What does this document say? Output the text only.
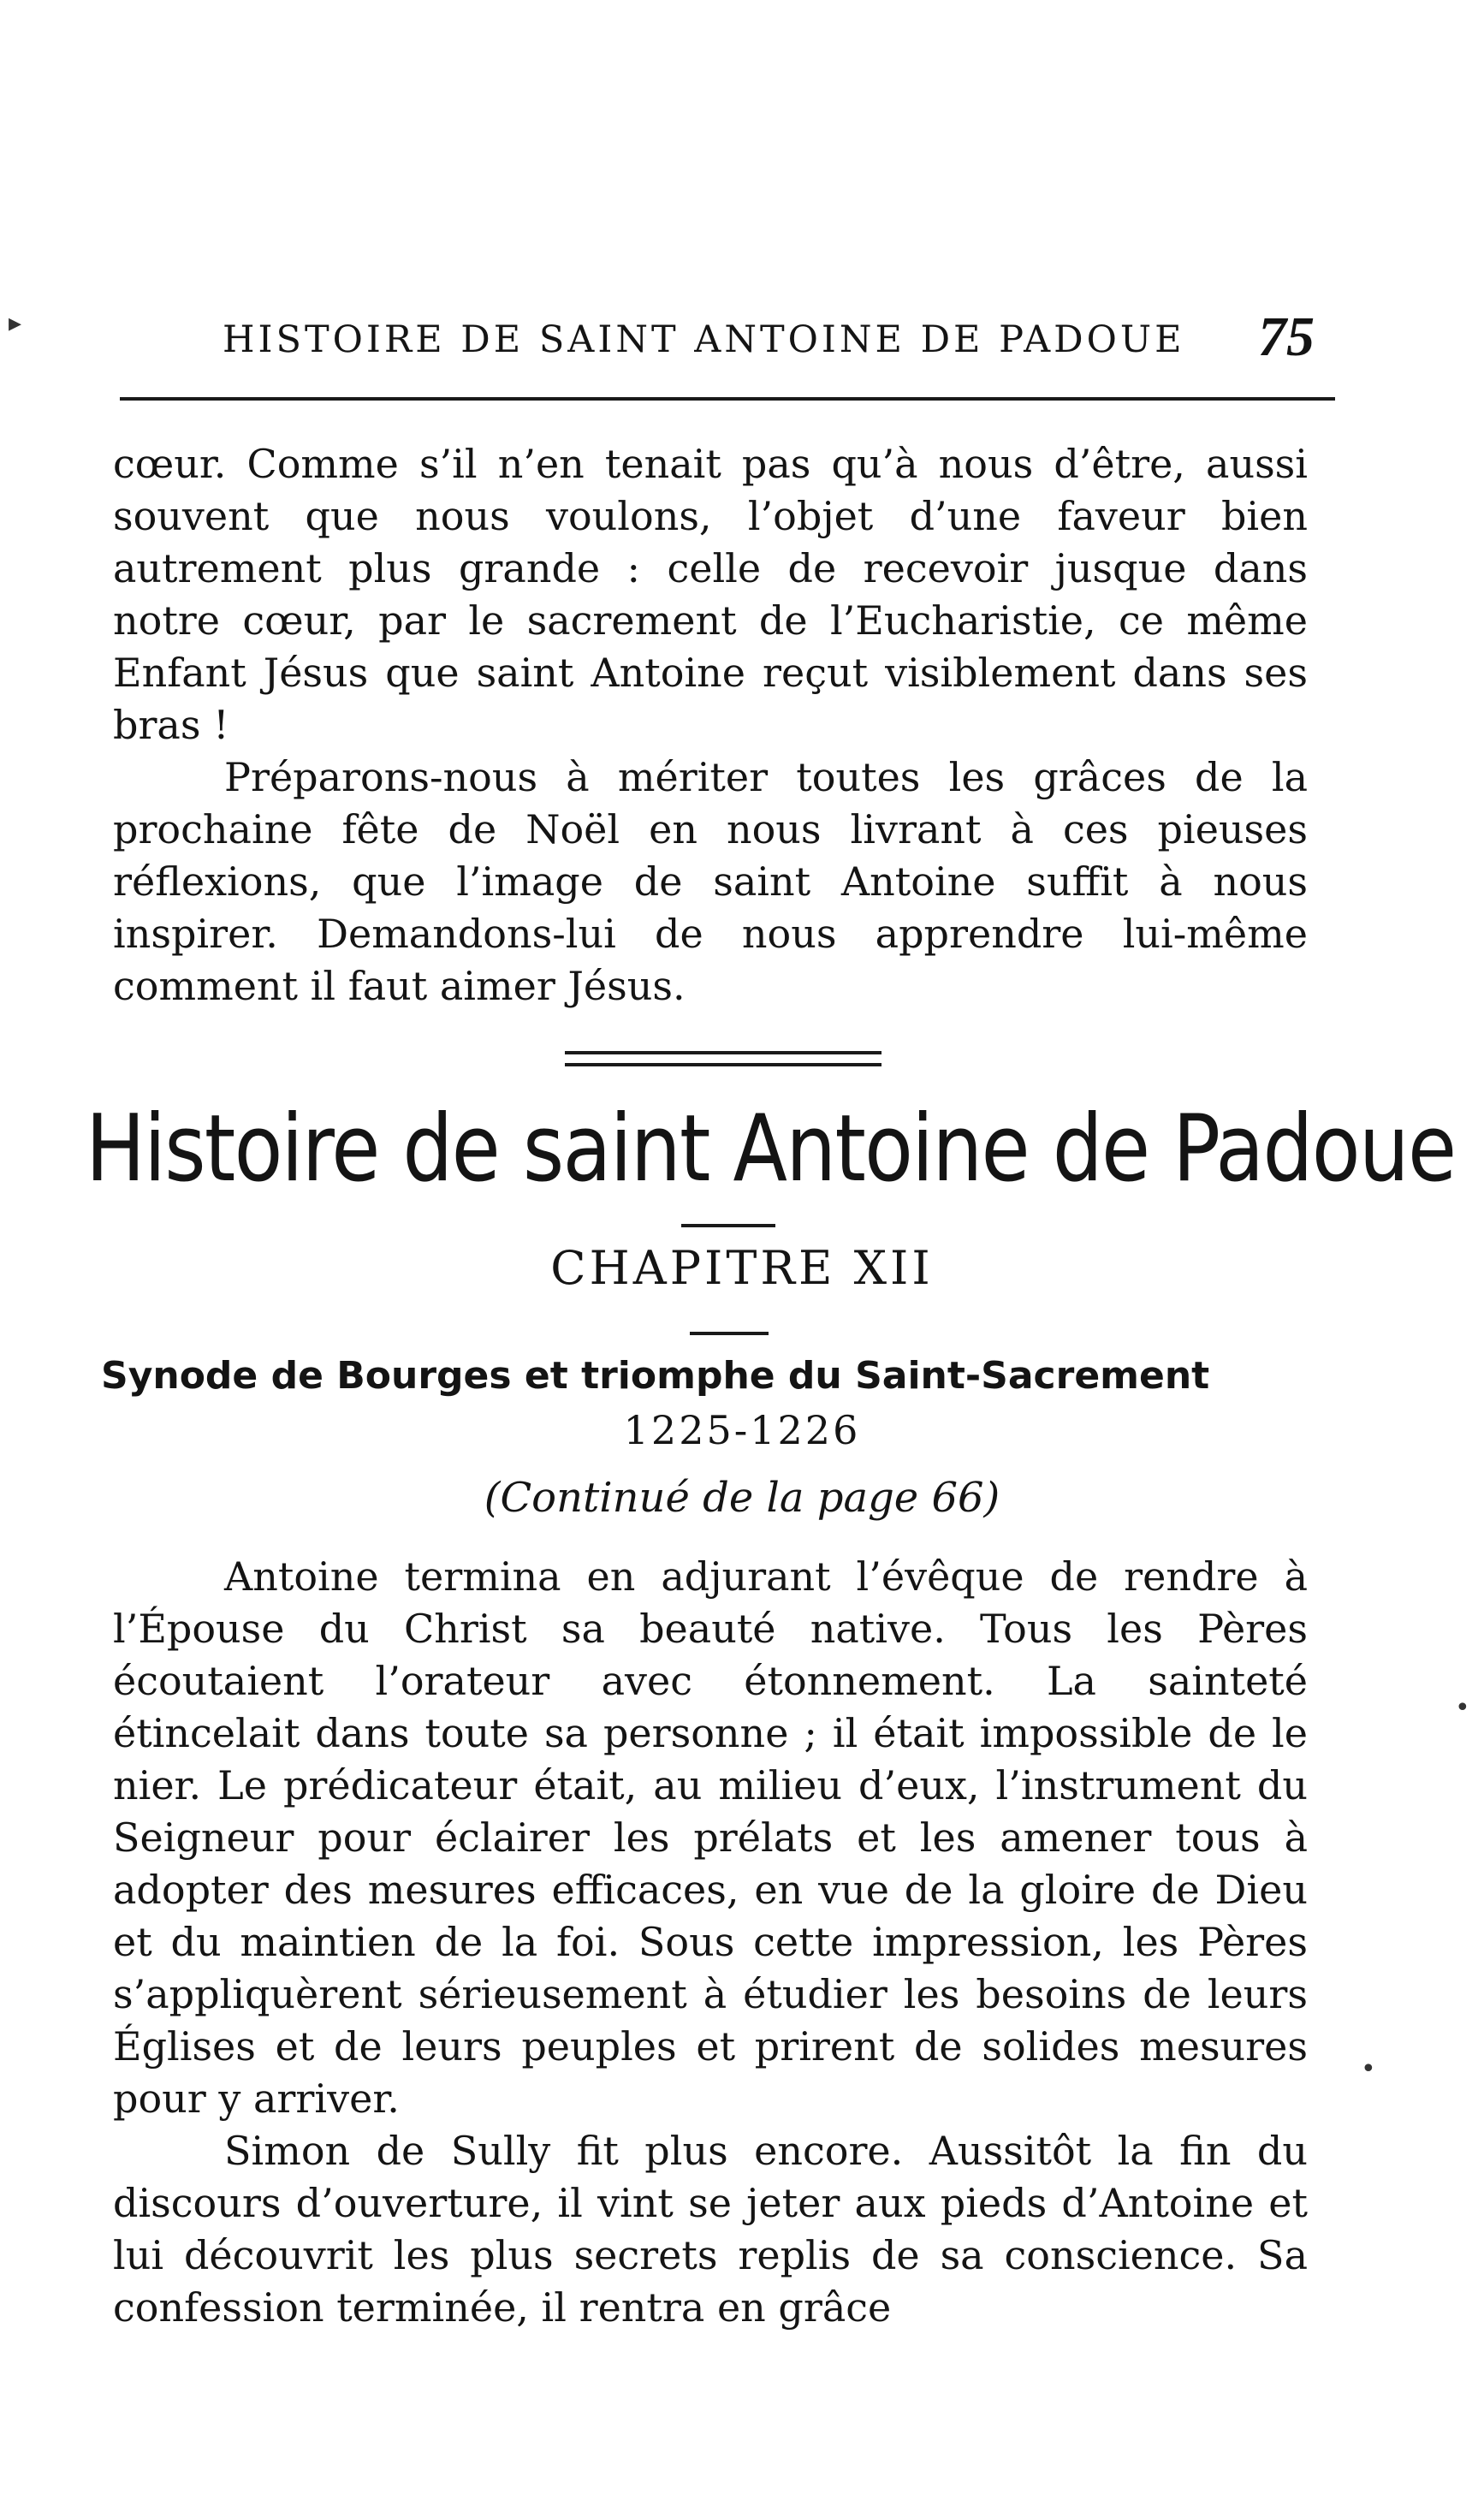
HISTOIRE DE SAINT ANTOINE DE PADOUE	75

cœur. Comme s’il n’en tenait pas qu’à nous d’être, aussi souvent que nous voulons, l’objet d’une faveur bien autrement plus grande : celle de recevoir jusque dans notre cœur, par le sacrement de l’Eucharistie, ce même Enfant Jésus que saint Antoine reçut visiblement dans ses bras !

Préparons-nous à mériter toutes les grâces de la prochaine fête de Noël en nous livrant à ces pieuses réflexions, que l’image de saint Antoine suffit à nous inspirer. Demandons-lui de nous apprendre lui-même comment il faut aimer Jésus.

Histoire de saint Antoine de Padoue
CHAPITRE XII
Synode de Bourges et triomphe du Saint-Sacrement
1225-1226
(Continué de la page 66)

Antoine termina en adjurant l’évêque de rendre à l’Épouse du Christ sa beauté native. Tous les Pères écoutaient l’orateur avec étonnement. La sainteté étincelait dans toute sa personne ; il était impossible de le nier. Le prédicateur était, au milieu d’eux, l’instrument du Seigneur pour éclairer les prélats et les amener tous à adopter des mesures efficaces, en vue de la gloire de Dieu et du maintien de la foi. Sous cette impression, les Pères s’appliquèrent sérieusement à étudier les besoins de leurs Églises et de leurs peuples et prirent de solides mesures pour y arriver.

Simon de Sully fit plus encore. Aussitôt la fin du discours d’ouverture, il vint se jeter aux pieds d’Antoine et lui découvrit les plus secrets replis de sa conscience. Sa confession terminée, il rentra en grâce

▸
•
•
